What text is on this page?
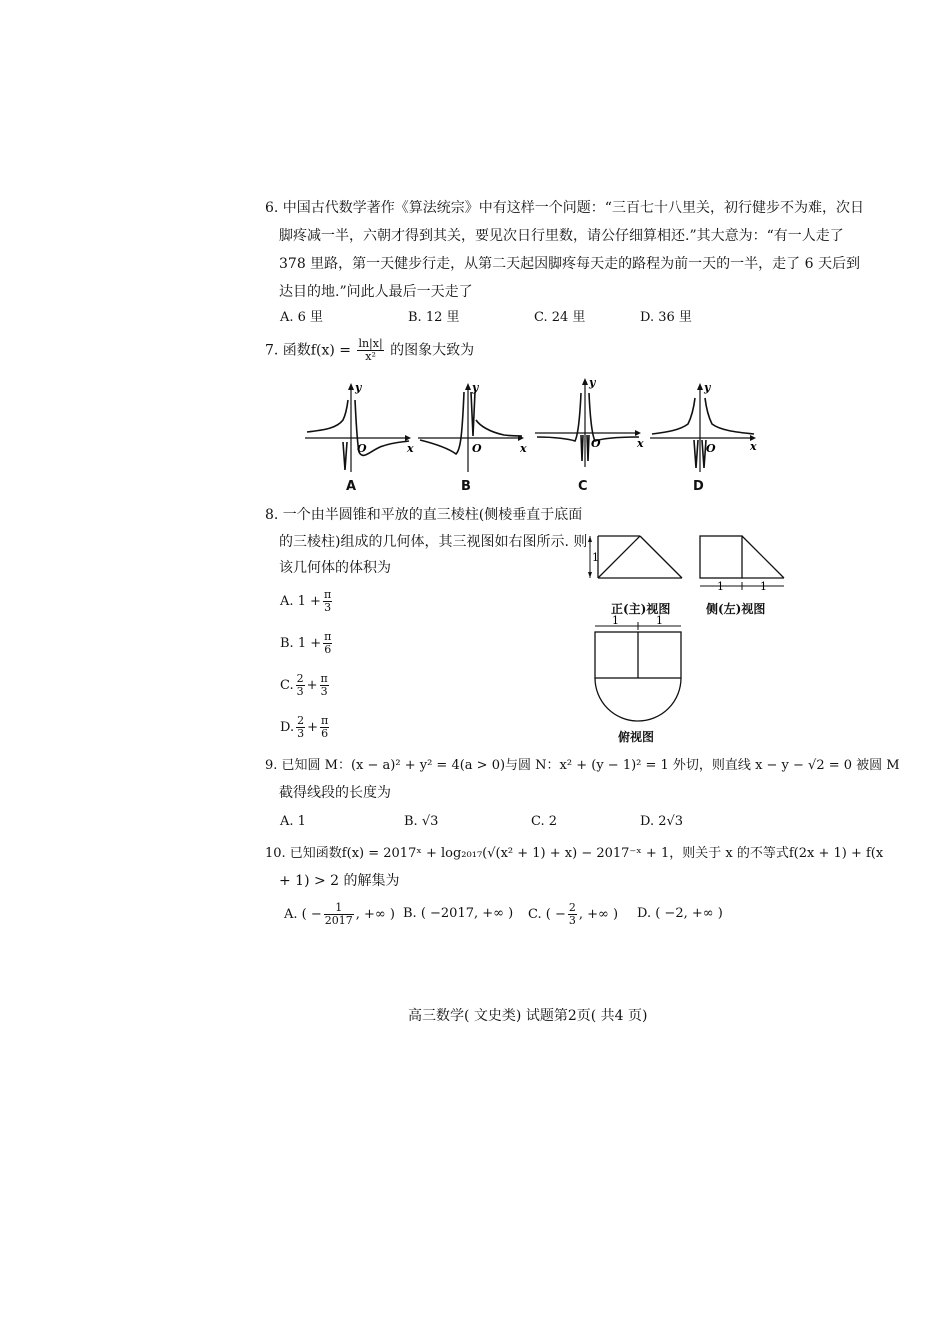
6. 中国古代数学著作《算法统宗》中有这样一个问题：“三百七十八里关，初行健步不为难，次日
脚疼减一半，六朝才得到其关，要见次日行里数，请公仔细算相还.”其大意为：“有一人走了
378 里路，第一天健步行走，从第二天起因脚疼每天走的路程为前一天的一半，走了 6 天后到
达目的地.”问此人最后一天走了
A. 6 里	B. 12 里	C. 24 里	D. 36 里
7. 函数$f(x) = \frac{\ln|x|}{\text{x²}}$ 的图象大致为
O	x
y
A
O	x
y
B
O	x
y
C
O	x
y
D
8. 一个由半圆锥和平放的直三棱柱(侧棱垂直于底面
的三棱柱)组成的几何体，其三视图如右图所示. 则
该几何体的体积为
A. $1 + \frac{\pi}{3}$
B. $1 + \frac{\pi}{6}$
C. $\frac{2}{3} + \frac{\pi}{3}$
D. $\frac{2}{3} + \frac{\pi}{6}$
1
1	1
1	1
正(主)视图	侧(左)视图
俯视图
9. 已知圆 M：(x − a)² + y² = 4(a > 0)与圆 N：x² + (y − 1)² = 1 外切，则直线 x − y − √2 = 0 被圆 M
截得线段的长度为
A. 1	B. √3	C. 2	D. 2√3
10. 已知函数f(x) = 2017ˣ + log₂₀₁₇(√(x² + 1) + x) − 2017⁻ˣ + 1，则关于 x 的不等式f(2x + 1) + f(x
+ 1) > 2 的解集为
A. ( − $\frac{1}{2017}$ , +∞ ) B. ( −2017, +∞ ) C. ( − $\frac{2}{3}$ , +∞ ) D. ( −2, +∞ )
高三数学( 文史类) 试题第2页( 共4 页)
